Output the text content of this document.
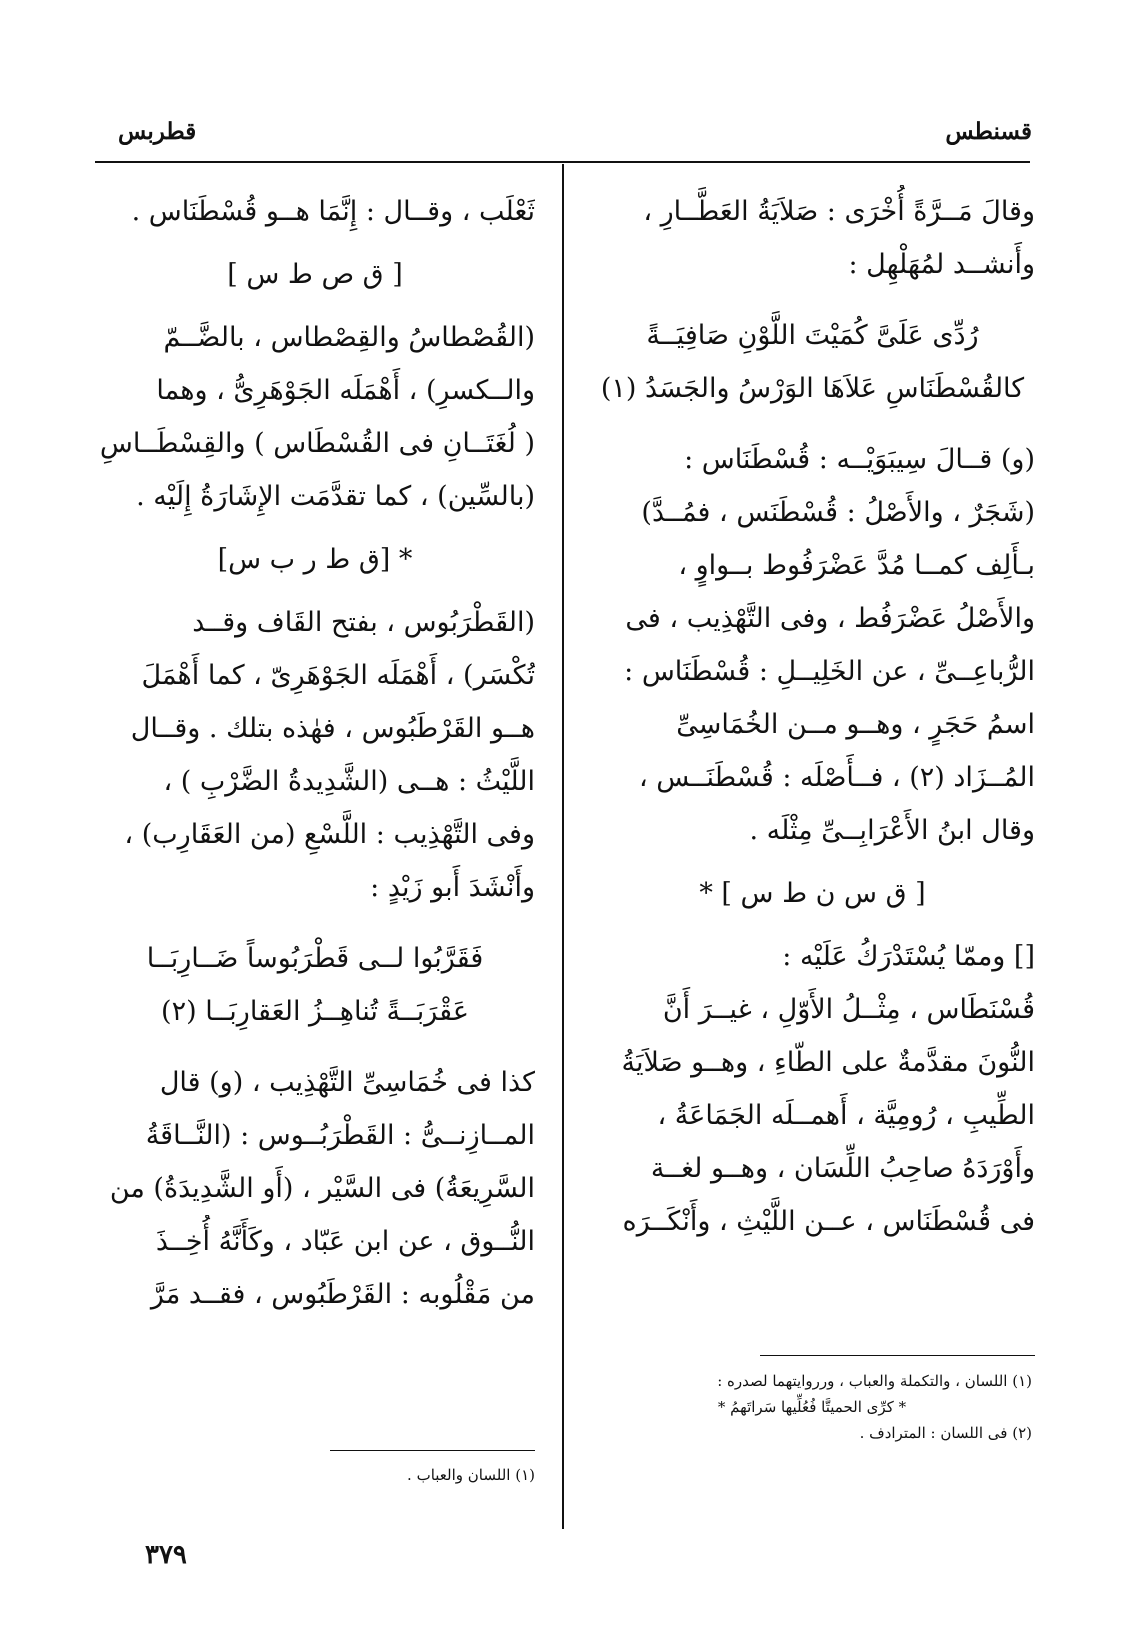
قسنطس
قطربس
وقالَ مَــرَّةً أُخْرَى : صَلاَيَةُ العَطَّــارِ ،
وأَنشــد لمُهَلْهِل :
رُدِّى عَلَىَّ كُمَيْتَ اللَّوْنِ صَافِيَــةً
كالقُسْطَنَاسِ عَلاَهَا الوَرْسُ والجَسَدُ (١)
(و) قــالَ سِيبَوَيْــه : قُسْطَنَاس :
(شَجَرٌ ، والأَصْلُ : قُسْطَنَس ، فمُــدَّ)
بـأَلِف كمــا مُدَّ عَضْرَفُوط بــواوٍ ،
والأَصْلُ عَضْرَفُط ، وفى التَّهْذِيب ، فى
الرُّباعِــىِّ ، عن الخَلِيــلِ : قُسْطَنَاس :
اسمُ حَجَرٍ ، وهــو مــن الخُمَاسِىِّ
المُــزَاد (٢) ، فــأَصْلَه : قُسْطَنَــس ،
وقال ابنُ الأَعْرَابِــىِّ مِثْلَه .
[ ق س ن ط س ] *
[] وممّا يُسْتَدْرَكُ عَلَيْه :
قُسْنَطَاس ، مِثْــلُ الأَوّلِ ، غيــرَ أَنَّ
النُّونَ مقدَّمةٌ على الطّاءِ ، وهــو صَلاَيَةُ
الطِّيبِ ، رُومِيَّة ، أَهمــلَه الجَمَاعَةُ ،
وأَوْرَدَهُ صاحِبُ اللِّسَان ، وهــو لغــة
فى قُسْطَنَاس ، عــن اللَّيْثِ ، وأَنْكَــرَه
ثَعْلَب ، وقــال : إِنَّمَا هــو قُسْطَنَاس .
[ ق ص ط س ]
(القُصْطاسُ والقِصْطاس ، بالضَّــمّ
والــكسرِ) ، أَهْمَلَه الجَوْهَرِىُّ ، وهما
( لُغَتَــانِ فى القُسْطَاس ) والقِسْطَــاسِ
(بالسِّين) ، كما تقدَّمَت الإِشَارَةُ إِلَيْه .
* [ق ط ر ب س]
(القَطْرَبُوس ، بفتح القَاف وقــد
تُكْسَر) ، أَهْمَلَه الجَوْهَرِىّ ، كما أَهْمَلَ
هــو القَرْطَبُوس ، فهٰذه بتلك . وقــال
اللَّيْثُ : هــى (الشَّدِيدةُ الضَّرْبِ ) ،
وفى التَّهْذِيب : اللَّسْعِ (من العَقَارِب) ،
وأَنْشَدَ أَبو زَيْدٍ :
فَقَرَّبُوا لــى قَطْرَبُوساً ضَــارِبَــا
عَقْرَبَــةً تُناهِــزُ العَقارِبَــا (٢)
كذا فى خُمَاسِىِّ التَّهْذِيب ، (و) قال
المــازِنــىُّ : القَطْرَبُــوس : (النَّــاقَةُ
السَّرِيعَةُ) فى السَّيْر ، (أَو الشَّدِيدَةُ) من
النُّــوق ، عن ابن عَبّاد ، وكَأَنَّهُ أُخِــذَ
من مَقْلُوبه : القَرْطَبُوس ، فقــد مَرَّ
(١) اللسان ، والتكملة والعباب ، ورروايتهما لصدره :
* كرِّى الحميتَّا فُعُلِّيها سَراتَهمُ *
(٢) فى اللسان : المترادف .
(١) اللسان والعباب .
٣٧٩
